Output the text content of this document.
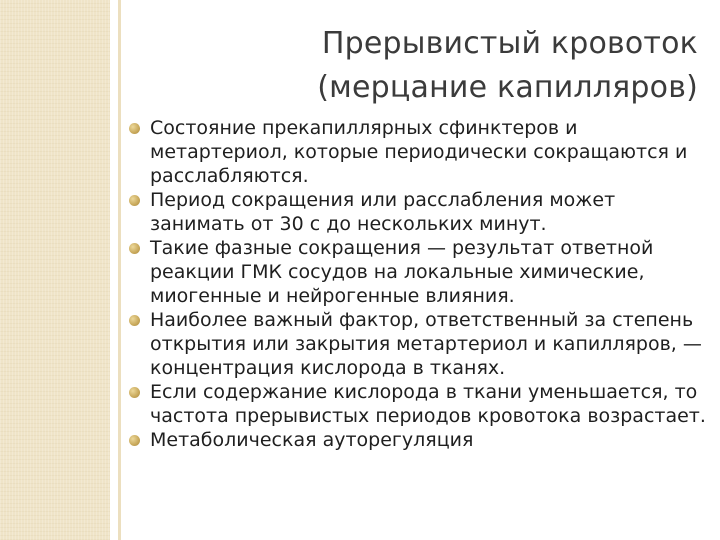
Прерывистый кровоток
(мерцание капилляров)
Состояние прекапиллярных сфинктеров и метартериол, которые периодически сокращаются и расслабляются.
Период сокращения или расслабления может занимать от 30 с до нескольких минут.
Такие фазные сокращения — результат ответной реакции ГМК сосудов на локальные химические, миогенные и нейрогенные влияния.
Наиболее важный фактор, ответственный за степень открытия или закрытия метартериол и капилляров, — концентрация кислорода в тканях.
Если содержание кислорода в ткани уменьшается, то частота прерывистых периодов кровотока возрастает.
Метаболическая ауторегуляция
